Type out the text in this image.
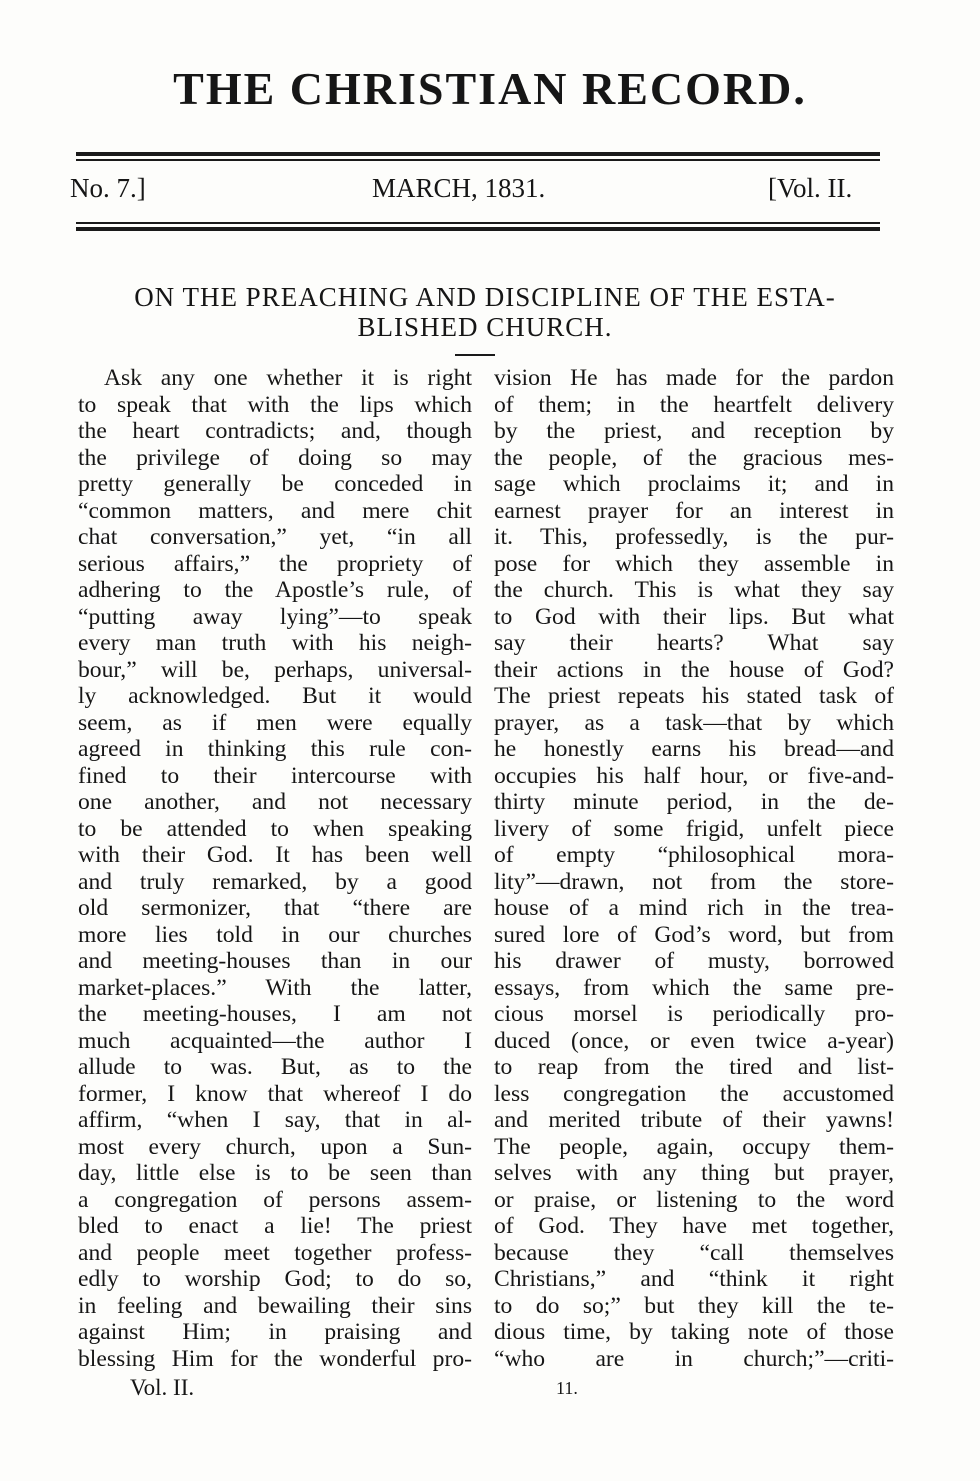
THE CHRISTIAN RECORD.
No. 7.]	MARCH, 1831.	[Vol. II.
ON THE PREACHING AND DISCIPLINE OF THE ESTA-
BLISHED CHURCH.

Ask any one whether it is right

to speak that with the lips which

the heart contradicts; and, though

the privilege of doing so may

pretty generally be conceded in

“common matters, and mere chit

chat conversation,” yet, “in all

serious affairs,” the propriety of

adhering to the Apostle’s rule, of

“putting away lying”—to speak

every man truth with his neigh-

bour,” will be, perhaps, universal-

ly acknowledged. But it would

seem, as if men were equally

agreed in thinking this rule con-

fined to their intercourse with

one another, and not necessary

to be attended to when speaking

with their God. It has been well

and truly remarked, by a good

old sermonizer, that “there are

more lies told in our churches

and meeting-houses than in our

market-places.” With the latter,

the meeting-houses, I am not

much acquainted—the author I

allude to was. But, as to the

former, I know that whereof I do

affirm, “when I say, that in al-

most every church, upon a Sun-

day, little else is to be seen than

a congregation of persons assem-

bled to enact a lie! The priest

and people meet together profess-

edly to worship God; to do so,

in feeling and bewailing their sins

against Him; in praising and

blessing Him for the wonderful pro-

vision He has made for the pardon

of them; in the heartfelt delivery

by the priest, and reception by

the people, of the gracious mes-

sage which proclaims it; and in

earnest prayer for an interest in

it. This, professedly, is the pur-

pose for which they assemble in

the church. This is what they say

to God with their lips. But what

say their hearts? What say

their actions in the house of God?

The priest repeats his stated task of

prayer, as a task—that by which

he honestly earns his bread—and

occupies his half hour, or five-and-

thirty minute period, in the de-

livery of some frigid, unfelt piece

of empty “philosophical mora-

lity”—drawn, not from the store-

house of a mind rich in the trea-

sured lore of God’s word, but from

his drawer of musty, borrowed

essays, from which the same pre-

cious morsel is periodically pro-

duced (once, or even twice a-year)

to reap from the tired and list-

less congregation the accustomed

and merited tribute of their yawns!

The people, again, occupy them-

selves with any thing but prayer,

or praise, or listening to the word

of God. They have met together,

because they “call themselves

Christians,” and “think it right

to do so;” but they kill the te-

dious time, by taking note of those

“who are in church;”—criti-

Vol. II.	11.
